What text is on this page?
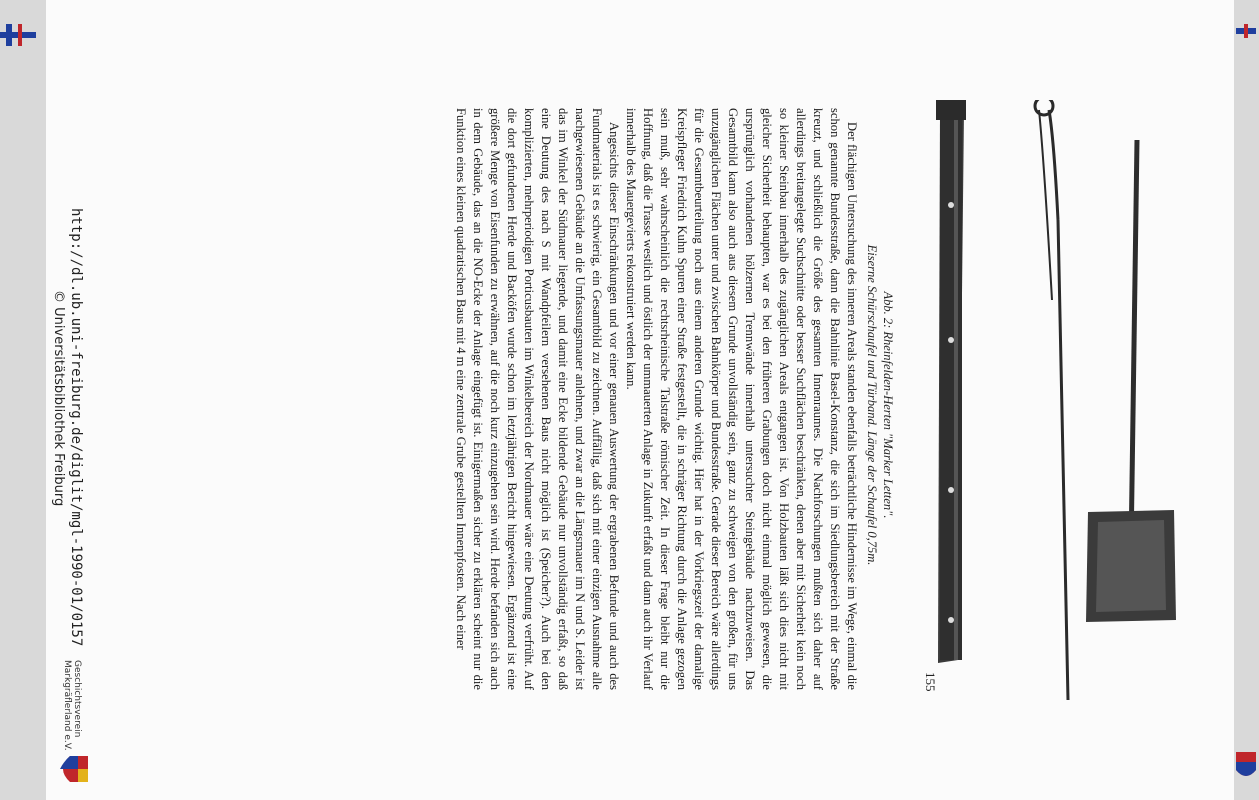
Abb. 2: Rheinfelden-Herten "Marker Letten".
Eiserne Schürschaufel und Türband. Länge der Schaufel 0,75m.

Der flächigen Untersuchung des inneren Areals standen ebenfalls beträchtliche Hindernisse im Wege, einmal die schon genannte Bundesstraße, dann die Bahnlinie Basel-Konstanz, die sich im Siedlungsbereich mit der Straße kreuzt, und schließlich die Größe des gesamten Innenraumes. Die Nachforschungen mußten sich daher auf allerdings breitangelegte Suchschnitte oder besser Suchflächen beschränken, denen aber mit Sicherheit kein noch so kleiner Steinbau innerhalb des zugänglichen Areals entgangen ist. Von Holzbauten läßt sich dies nicht mit gleicher Sicherheit behaupten, war es bei den früheren Grabungen doch nicht einmal möglich gewesen, die ursprünglich vorhandenen hölzernen Trennwände innerhalb untersuchter Steingebäude nachzuweisen. Das Gesamtbild kann also auch aus diesem Grunde unvollständig sein, ganz zu schweigen von den großen, für uns unzugänglichen Flächen unter und zwischen Bahnkörper und Bundesstraße. Gerade dieser Bereich wäre allerdings für die Gesamtbeurteilung noch aus einem anderen Grunde wichtig. Hier hat in der Vorkriegszeit der damalige Kreispfleger Friedrich Kuhn Spuren einer Straße festgestellt, die in schräger Richtung durch die Anlage gezogen sein muß, sehr wahrscheinlich die rechtsrheinische Talstraße römischer Zeit. In dieser Frage bleibt nur die Hoffnung, daß die Trasse westlich und östlich der ummauerten Anlage in Zukunft erfaßt und dann auch ihr Verlauf innerhalb des Mauergevierts rekonstruiert werden kann.

Angesichts dieser Einschränkungen und vor einer genauen Auswertung der ergrabenen Befunde und auch des Fundmaterials ist es schwierig, ein Gesamtbild zu zeichnen. Auffällig, daß sich mit einer einzigen Ausnahme alle nachgewiesenen Gebäude an die Umfassungsmauer anlehnen, und zwar an die Längsmauer im N und S. Leider ist das im Winkel der Südmauer liegende, und damit eine Ecke bildende Gebäude nur unvollständig erfaßt, so daß eine Deutung des nach S mit Wandpfeilern versehenen Baus nicht möglich ist (Speicher?). Auch bei den komplizierten, mehrperiodigen Porticusbauten im Winkelbereich der Nordmauer wäre eine Deutung verfrüht. Auf die dort gefundenen Herde und Backöfen wurde schon im letztjährigen Bericht hingewiesen. Ergänzend ist eine größere Menge von Eisenfunden zu erwähnen, auf die noch kurz einzugehen sein wird. Herde befanden sich auch in dem Gebäude, das an die NO-Ecke der Anlage eingefügt ist. Einigermaßen sicher zu erklären scheint nur die Funktion eines kleinen quadratischen Baus mit 4 m eine zentrale Grube gestellten Innenpfosten. Nach einer

155
http://dl.ub.uni-freiburg.de/diglit/mgl-1990-01/0157
© Universitätsbibliothek Freiburg
Geschichtsverein
Markgräflerland e.V.
